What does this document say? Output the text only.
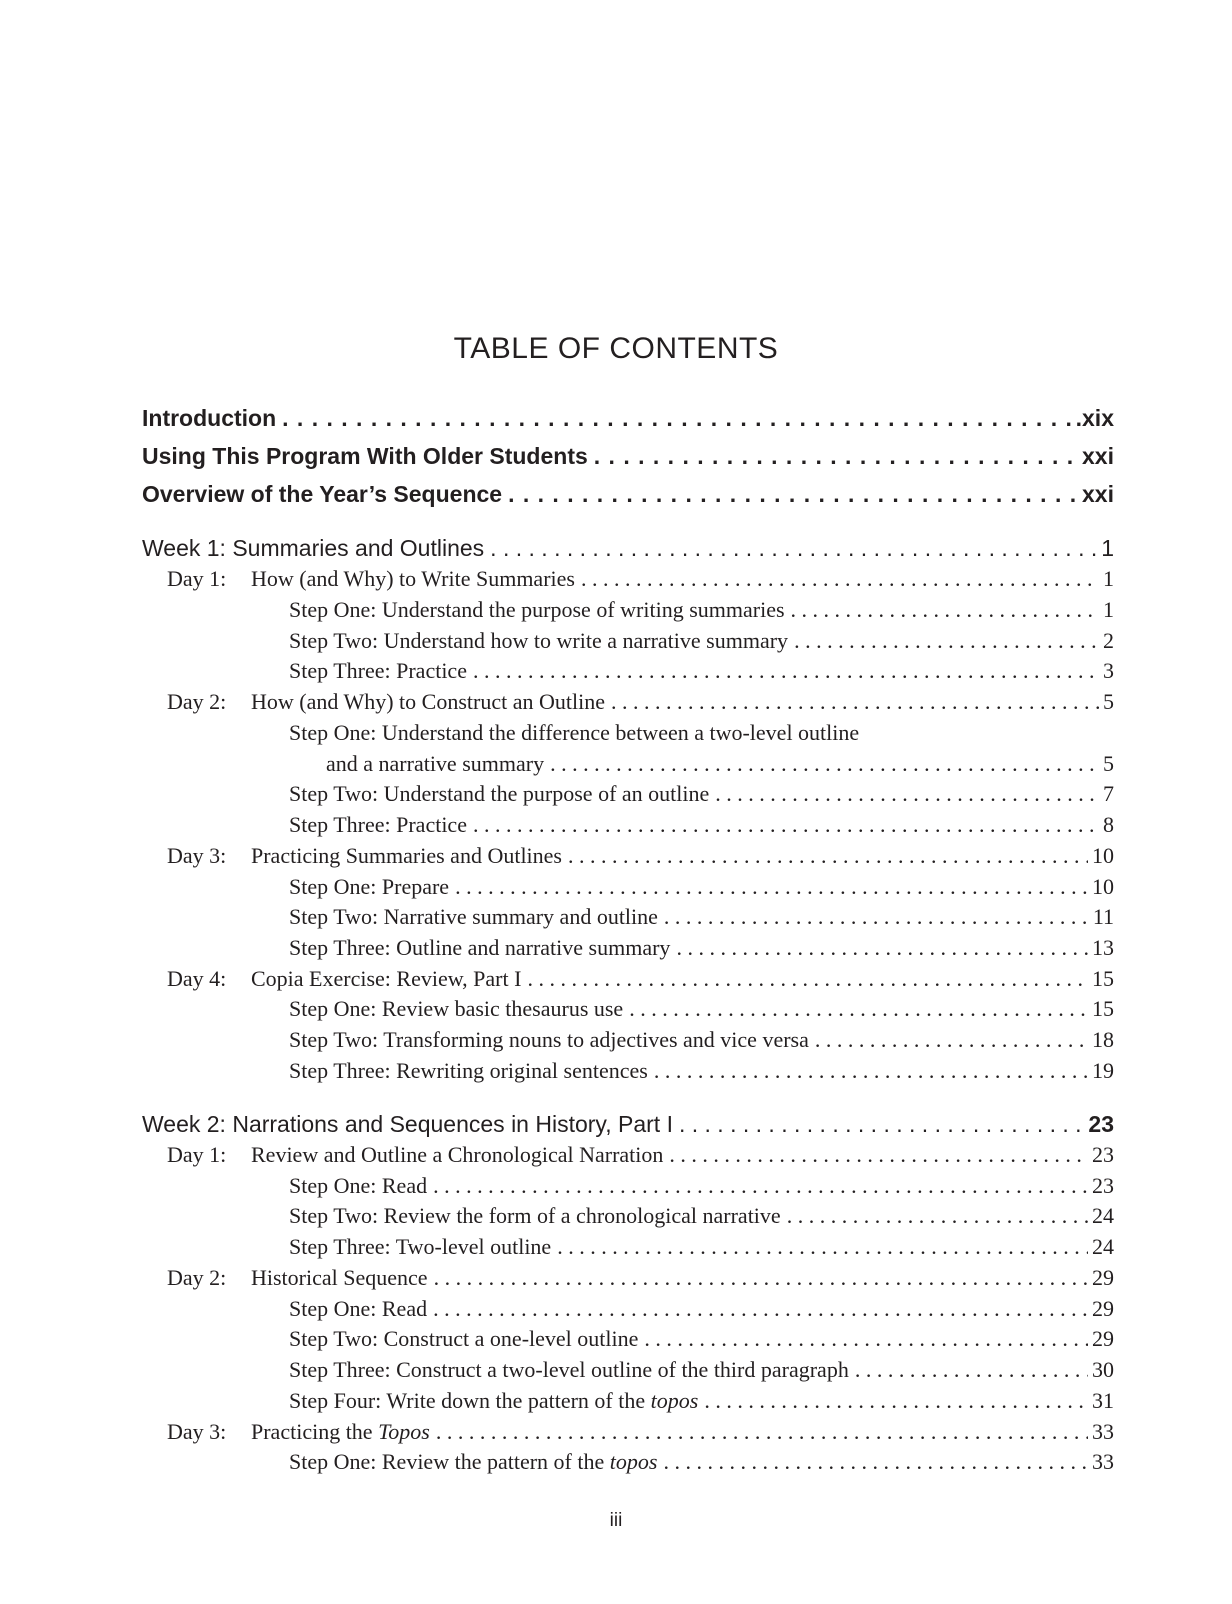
TABLE OF CONTENTS
Introduction . . .	.xix
Using This Program With Older Students . . .	xxi
Overview of the Year’s Sequence . . .	xxi
Week 1: Summaries and Outlines . . .	1
Day 1: How (and Why) to Write Summaries . . .	1
Step One: Understand the purpose of writing summaries . . .	1
Step Two: Understand how to write a narrative summary . . .	2
Step Three: Practice . . .	3
Day 2: How (and Why) to Construct an Outline . . .	5
Step One: Understand the difference between a two-level outline
and a narrative summary . . .	5
Step Two: Understand the purpose of an outline . . .	7
Step Three: Practice . . .	8
Day 3: Practicing Summaries and Outlines . . .	10
Step One: Prepare . . .	10
Step Two: Narrative summary and outline . . .	11
Step Three: Outline and narrative summary . . .	13
Day 4: Copia Exercise: Review, Part I . . .	15
Step One: Review basic thesaurus use . . .	15
Step Two: Transforming nouns to adjectives and vice versa . . .	18
Step Three: Rewriting original sentences . . .	19
Week 2: Narrations and Sequences in History, Part I . . .	23
Day 1: Review and Outline a Chronological Narration . . .	23
Step One: Read . . .	23
Step Two: Review the form of a chronological narrative . . .	24
Step Three: Two-level outline . . .	24
Day 2: Historical Sequence . . .	29
Step One: Read . . .	29
Step Two: Construct a one-level outline . . .	29
Step Three: Construct a two-level outline of the third paragraph . . .	30
Step Four: Write down the pattern of the topos . . .	31
Day 3: Practicing the Topos . . .	33
Step One: Review the pattern of the topos . . .	33
iii
